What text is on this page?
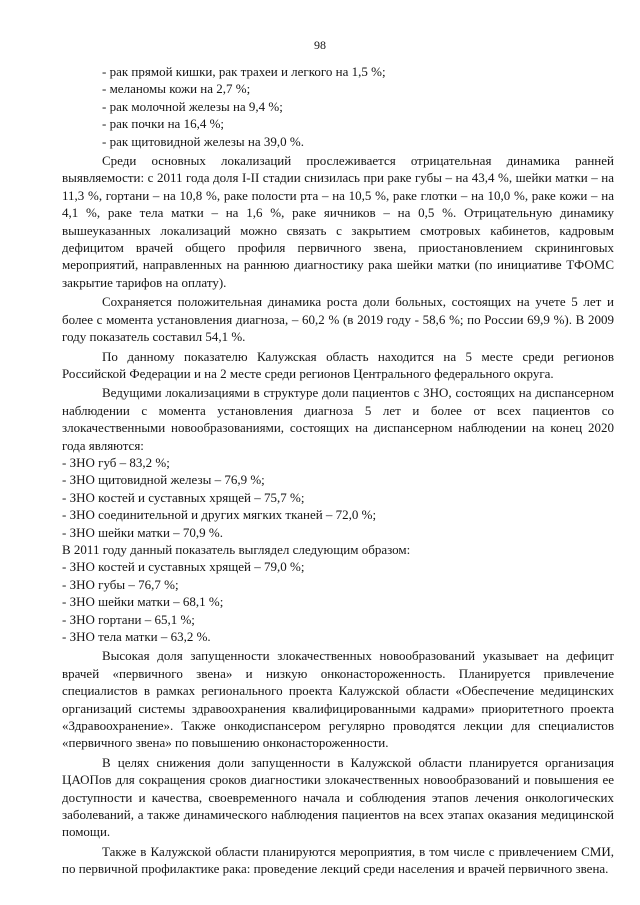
98

- рак прямой кишки, рак трахеи и легкого на 1,5 %;

- меланомы кожи на 2,7 %;

- рак молочной железы на 9,4 %;

- рак почки на 16,4 %;

- рак щитовидной железы на 39,0 %.

Среди основных локализаций прослеживается отрицательная динамика ранней выявляемости: с 2011 года доля I-II стадии снизилась при раке губы – на 43,4 %, шейки матки – на 11,3 %, гортани – на 10,8 %, раке полости рта – на 10,5 %, раке глотки – на 10,0 %, раке кожи – на 4,1 %, раке тела матки – на 1,6 %, раке яичников – на 0,5 %. Отрицательную динамику вышеуказанных локализаций можно связать с закрытием смотровых кабинетов, кадровым дефицитом врачей общего профиля первичного звена, приостановлением скрининговых мероприятий, направленных на раннюю диагностику рака шейки матки (по инициативе ТФОМС закрытие тарифов на оплату).

Сохраняется положительная динамика роста доли больных, состоящих на учете 5 лет и более с момента установления диагноза, – 60,2 % (в 2019 году - 58,6 %; по России 69,9 %). В 2009 году показатель составил 54,1 %.

По данному показателю Калужская область находится на 5 месте среди регионов Российской Федерации и на 2 месте среди регионов Центрального федерального округа.

Ведущими локализациями в структуре доли пациентов с ЗНО, состоящих на диспансерном наблюдении с момента установления диагноза 5 лет и более от всех пациентов со злокачественными новообразованиями, состоящих на диспансерном наблюдении на конец 2020 года являются:

- ЗНО губ – 83,2 %;

- ЗНО щитовидной железы – 76,9 %;

- ЗНО костей и суставных хрящей – 75,7 %;

- ЗНО соединительной и других мягких тканей – 72,0 %;

- ЗНО шейки матки – 70,9 %.

В 2011 году данный показатель выглядел следующим образом:

- ЗНО костей и суставных хрящей – 79,0 %;

- ЗНО губы – 76,7 %;

- ЗНО шейки матки – 68,1 %;

- ЗНО гортани – 65,1 %;

- ЗНО тела матки – 63,2 %.

Высокая доля запущенности злокачественных новообразований указывает на дефицит врачей «первичного звена» и низкую онконастороженность. Планируется привлечение специалистов в рамках регионального проекта Калужской области «Обеспечение медицинских организаций системы здравоохранения квалифицированными кадрами» приоритетного проекта «Здравоохранение». Также онкодиспансером регулярно проводятся лекции для специалистов «первичного звена» по повышению онконастороженности.

В целях снижения доли запущенности в Калужской области планируется организация ЦАОПов для сокращения сроков диагностики злокачественных новообразований и повышения ее доступности и качества, своевременного начала и соблюдения этапов лечения онкологических заболеваний, а также динамического наблюдения пациентов на всех этапах оказания медицинской помощи.

Также в Калужской области планируются мероприятия, в том числе с привлечением СМИ, по первичной профилактике рака: проведение лекций среди населения и врачей первичного звена.
